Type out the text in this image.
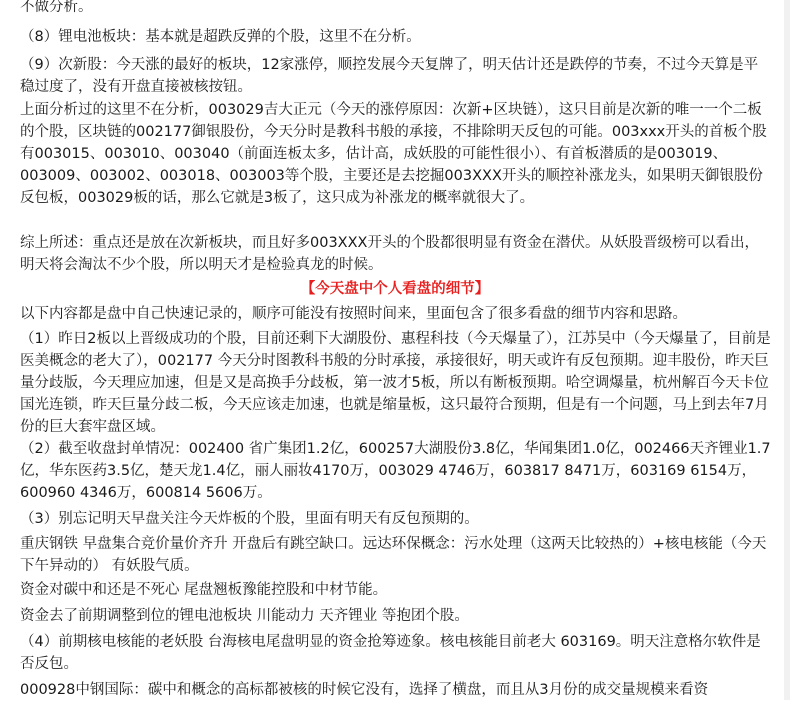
不做分析。

（8）锂电池板块：基本就是超跌反弹的个股，这里不在分析。

（9）次新股：今天涨的最好的板块，12家涨停，顺控发展今天复牌了，明天估计还是跌停的节奏，不过今天算是平稳过度了，没有开盘直接被核按钮。

上面分析过的这里不在分析，003029吉大正元（今天的涨停原因：次新+区块链），这只目前是次新的唯一一个二板的个股，区块链的002177御银股份，今天分时是教科书般的承接，不排除明天反包的可能。003xxx开头的首板个股有003015、003010、003040（前面连板太多，估计高，成妖股的可能性很小）、有首板潜质的是003019、003009、003002、003018、003003等个股，主要还是去挖掘003XXX开头的顺控补涨龙头，如果明天御银股份反包板，003029板的话，那么它就是3板了，这只成为补涨龙的概率就很大了。

综上所述：重点还是放在次新板块，而且好多003XXX开头的个股都很明显有资金在潜伏。从妖股晋级榜可以看出，明天将会淘汰不少个股，所以明天才是检验真龙的时候。

【今天盘中个人看盘的细节】

以下内容都是盘中自己快速记录的，顺序可能没有按照时间来，里面包含了很多看盘的细节内容和思路。

（1）昨日2板以上晋级成功的个股，目前还剩下大湖股份、惠程科技（今天爆量了），江苏吴中（今天爆量了，目前是医美概念的老大了），002177 今天分时图教科书般的分时承接，承接很好，明天或许有反包预期。迎丰股份，昨天巨量分歧版，今天理应加速，但是又是高换手分歧板，第一波才5板，所以有断板预期。哈空调爆量，杭州解百今天卡位国光连锁，昨天巨量分歧二板，今天应该走加速，也就是缩量板，这只最符合预期，但是有一个问题，马上到去年7月份的巨大套牢盘区域。

（2）截至收盘封单情况：002400 省广集团1.2亿，600257大湖股份3.8亿，华闻集团1.0亿，002466天齐锂业1.7亿，华东医药3.5亿，楚天龙1.4亿，丽人丽妆4170万，003029 4746万，603817 8471万，603169 6154万，600960 4346万，600814 5606万。

（3）别忘记明天早盘关注今天炸板的个股，里面有明天有反包预期的。

重庆钢铁 早盘集合竞价量价齐升 开盘后有跳空缺口。远达环保概念：污水处理（这两天比较热的）+核电核能（今天下午异动的） 有妖股气质。

资金对碳中和还是不死心 尾盘翘板豫能控股和中材节能。

资金去了前期调整到位的锂电池板块 川能动力 天齐锂业 等抱团个股。

（4）前期核电核能的老妖股 台海核电尾盘明显的资金抢筹迹象。核电核能目前老大 603169。明天注意格尔软件是否反包。

000928中钢国际：碳中和概念的高标都被核的时候它没有，选择了横盘，而且从3月份的成交量规模来看资
